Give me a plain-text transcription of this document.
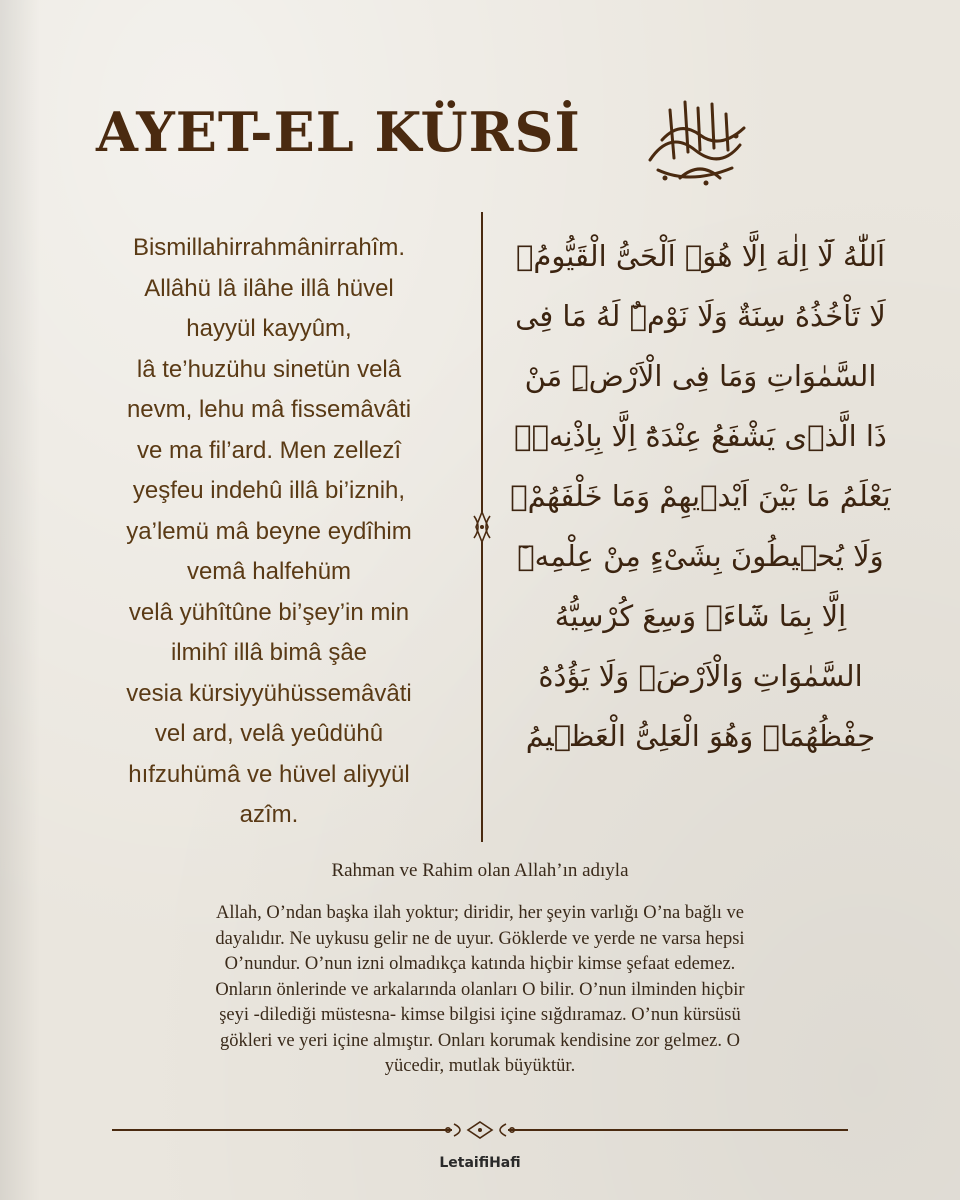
AYET-EL KÜRSİ
Bismillahirrahmânirrahîm.
Allâhü lâ ilâhe illâ hüvel
hayyül kayyûm,
lâ te’huzühu sinetün velâ
nevm, lehu mâ fissemâvâti
ve ma fil’ard. Men zellezî
yeşfeu indehû illâ bi’iznih,
ya’lemü mâ beyne eydîhim
vemâ halfehüm
velâ yühîtûne bi’şey’in min
ilmihî illâ bimâ şâe
vesia kürsiyyühüssemâvâti
vel ard, velâ yeûdühû
hıfzuhümâ ve hüvel aliyyül
azîm.
اَللّٰهُ لَٓا اِلٰهَ اِلَّا هُوَۚ اَلْحَیُّ الْقَیُّومُۚ
لَا تَاْخُذُهُ سِنَةٌ وَلَا نَوْمٌۜ لَهُ مَا فِی
السَّمٰوَاتِ وَمَا فِی الْاَرْضِۜ مَنْ
ذَا الَّذ۪ی یَشْفَعُ عِنْدَهُٓ اِلَّا بِاِذْنِه۪ۜ
یَعْلَمُ مَا بَیْنَ اَیْد۪یهِمْ وَمَا خَلْفَهُمْۚ
وَلَا یُح۪یطُونَ بِشَیْءٍ مِنْ عِلْمِه۪ٓ
اِلَّا بِمَا شَٓاءَۚ وَسِعَ كُرْسِیُّهُ
السَّمٰوَاتِ وَالْاَرْضَۚ وَلَا یَؤُدُهُ
حِفْظُهُمَاۚ وَهُوَ الْعَلِیُّ الْعَظ۪یمُ
Rahman ve Rahim olan Allah’ın adıyla
Allah, O’ndan başka ilah yoktur; diridir, her şeyin varlığı O’na bağlı ve
dayalıdır. Ne uykusu gelir ne de uyur. Göklerde ve yerde ne varsa hepsi
O’nundur. O’nun izni olmadıkça katında hiçbir kimse şefaat edemez.
Onların önlerinde ve arkalarında olanları O bilir. O’nun ilminden hiçbir
şeyi -dilediği müstesna- kimse bilgisi içine sığdıramaz. O’nun kürsüsü
gökleri ve yeri içine almıştır. Onları korumak kendisine zor gelmez. O
yücedir, mutlak büyüktür.
LetaifiHafi
